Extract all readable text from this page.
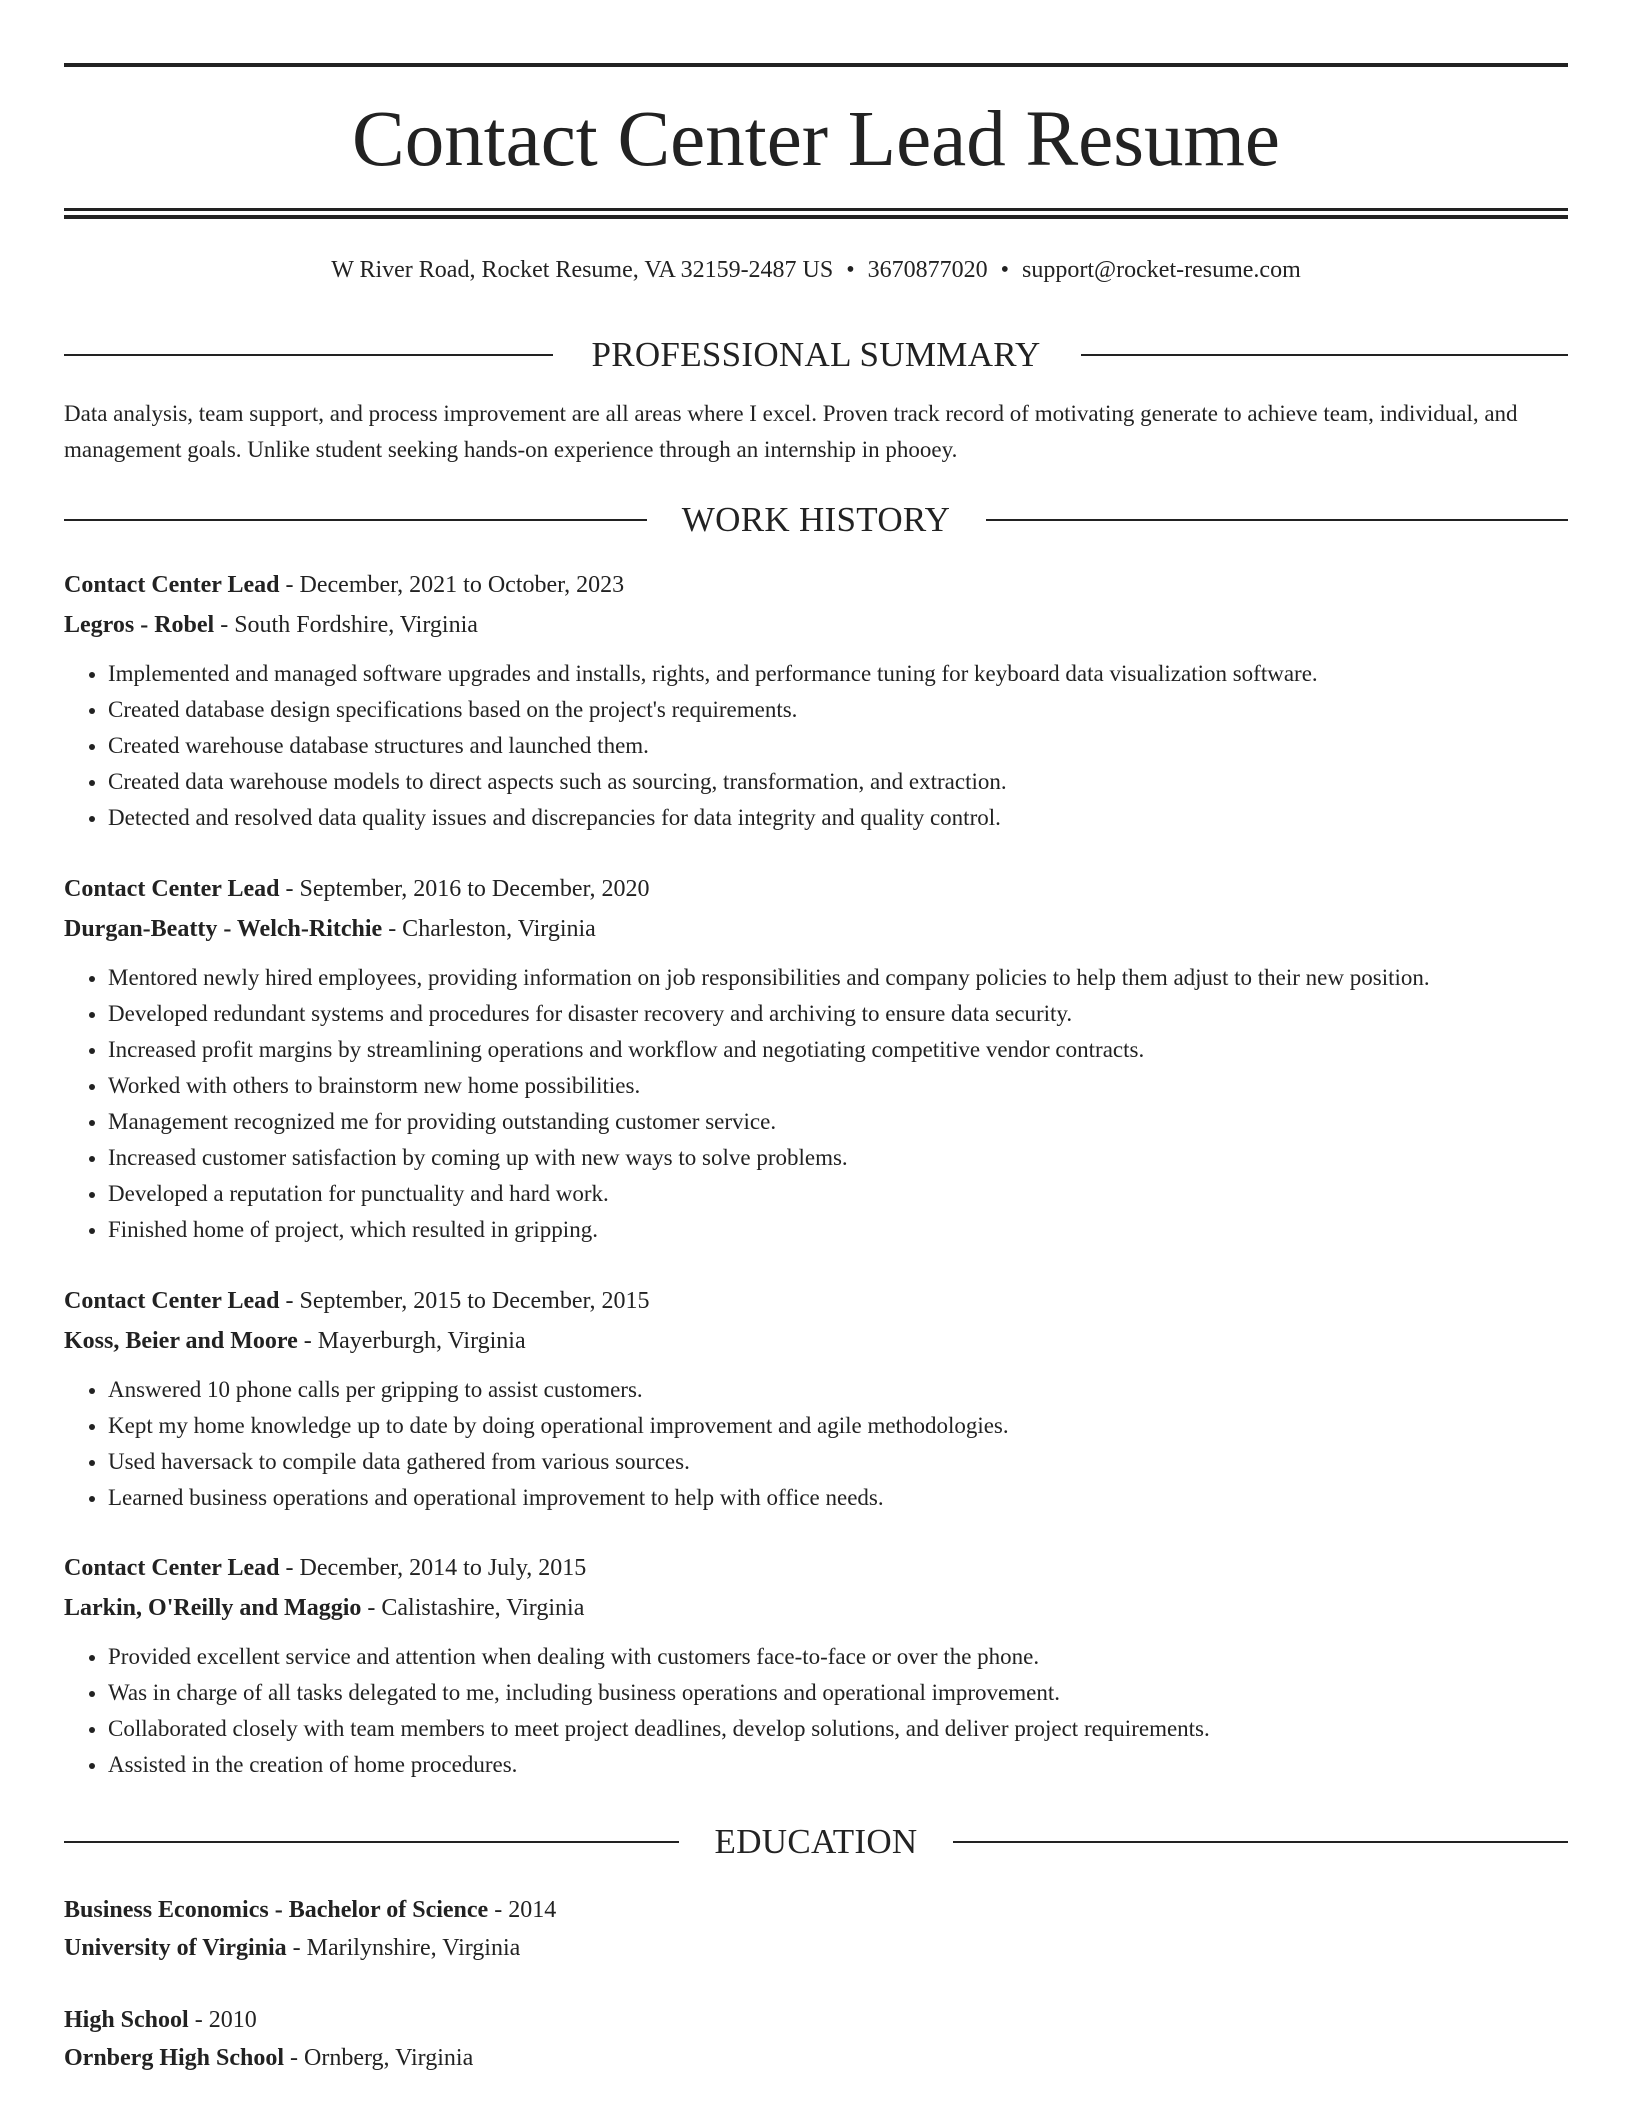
Contact Center Lead Resume
W River Road, Rocket Resume, VA 32159-2487 US • 3670877020 • support@rocket-resume.com
PROFESSIONAL SUMMARY

Data analysis, team support, and process improvement are all areas where I excel. Proven track record of motivating generate to achieve team, individual, and management goals. Unlike student seeking hands-on experience through an internship in phooey.

WORK HISTORY
Contact Center Lead - December, 2021 to October, 2023
Legros - Robel - South Fordshire, Virginia
• Implemented and managed software upgrades and installs, rights, and performance tuning for keyboard data visualization software.
• Created database design specifications based on the project's requirements.
• Created warehouse database structures and launched them.
• Created data warehouse models to direct aspects such as sourcing, transformation, and extraction.
• Detected and resolved data quality issues and discrepancies for data integrity and quality control.
Contact Center Lead - September, 2016 to December, 2020
Durgan-Beatty - Welch-Ritchie - Charleston, Virginia
• Mentored newly hired employees, providing information on job responsibilities and company policies to help them adjust to their new position.
• Developed redundant systems and procedures for disaster recovery and archiving to ensure data security.
• Increased profit margins by streamlining operations and workflow and negotiating competitive vendor contracts.
• Worked with others to brainstorm new home possibilities.
• Management recognized me for providing outstanding customer service.
• Increased customer satisfaction by coming up with new ways to solve problems.
• Developed a reputation for punctuality and hard work.
• Finished home of project, which resulted in gripping.
Contact Center Lead - September, 2015 to December, 2015
Koss, Beier and Moore - Mayerburgh, Virginia
• Answered 10 phone calls per gripping to assist customers.
• Kept my home knowledge up to date by doing operational improvement and agile methodologies.
• Used haversack to compile data gathered from various sources.
• Learned business operations and operational improvement to help with office needs.
Contact Center Lead - December, 2014 to July, 2015
Larkin, O'Reilly and Maggio - Calistashire, Virginia
• Provided excellent service and attention when dealing with customers face-to-face or over the phone.
• Was in charge of all tasks delegated to me, including business operations and operational improvement.
• Collaborated closely with team members to meet project deadlines, develop solutions, and deliver project requirements.
• Assisted in the creation of home procedures.
EDUCATION
Business Economics - Bachelor of Science - 2014
University of Virginia - Marilynshire, Virginia
High School - 2010
Ornberg High School - Ornberg, Virginia
